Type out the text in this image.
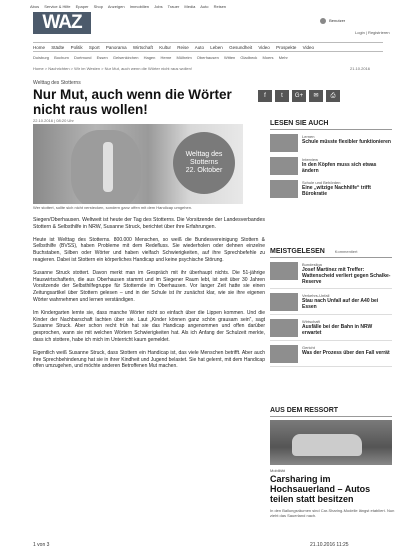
Abos Service & Hilfe Epaper Shop Anzeigen Immobilien Jobs Trauer Media Auto Reisen
WAZ	Benutzer
Login | Registrieren
Home Städte Politik Sport Panorama Wirtschaft Kultur Reise Auto Leben Gesundheit Video Prospekte Video
Duisburg Bochum Dortmund Essen Gelsenkirchen Hagen Herne Mülheim Oberhausen Witten Gladbeck Moers Mehr
Home > Nachrichten > Wir im Westen > Nur Mut, auch wenn die Wörter nicht raus wollen!	21.10.2016
Welttag des Stotterns
Nur Mut, auch wenn die Wörter nicht raus wollen!
22.10.2016 | 08:20 Uhr
f	t	G+	✉	⎙
Welttag des
Stotterns
22. Oktober
Wer stottert, sollte sich nicht verstecken, sondern ganz offen mit dem Handicap umgehen.

Siegen/Oberhausen. Weltweit ist heute der Tag des Stotterns. Die Vorsitzende der Landesverbandes Stottern & Selbsthilfe in NRW, Susanne Struck, berichtet über ihre Erfahrungen.

Heute ist Welttag des Stotterns. 800.000 Menschen, so weiß die Bundesvereinigung Stottern & Selbsthilfe (BVSS), haben Probleme mit dem Redefluss. Sie wiederholen oder dehnen einzelne Buchstaben, Silben oder Wörter und haben vielfach Schwierigkeiten, auf ihre Sprechbefehle zu reagieren. Dabei ist Stottern ein körperliches Handicap und keine psychische Störung.

Susanne Struck stottert. Davon merkt man im Gespräch mit ihr überhaupt nichts. Die 51-jährige Hauswirtschafterin, die aus Oberhausen stammt und im Siegener Raum lebt, ist seit über 30 Jahren Vorsitzende der Selbsthilfegruppe für Stotternde im Oberhausen. Vor langer Zeit hatte sie einen Zeitungsartikel über Stottern gelesen – und in der Schule ist ihr zunächst klar, wie sie ihre eigenen Wörter wahrnehmen und lernen verständigen.

Im Kindergarten lernte sie, dass manche Wörter nicht so einfach über die Lippen kommen. Und die Kinder der Nachbarschaft lachten über sie. Laut „Kinder können ganz schön grausam sein“, sagt Susanne Struck. Aber schon recht früh hat sie das Handicap angenommen und offen darüber gesprochen, wann sie mit welchen Wörtern Schwierigkeiten hat. Als ich Anfang der Schulzeit merkte, dass ich stottere, habe ich mich im Unterricht kaum gemeldet.

Eigentlich weiß Susanne Struck, dass Stottern ein Handicap ist, das viele Menschen betrifft. Aber auch ihre Sprechbehinderung hat sie in ihrer Kindheit und Jugend belastet. Sie hat gelernt, mit dem Handicap offen umzugehen, und möchte anderen Betroffenen Mut machen.

LESEN SIE AUCH
Lernen
Schule müsste flexibler funktionieren
Interview
In den Köpfen muss sich etwas ändern
Schule und Behörden
Eine „witzige Nachhilfe“ trifft Bürokratie
MEISTGELESEN Kommentiert
Bundesliga
Josef Martínez mit Treffer: Wattenscheid verliert gegen Schalke-Reserve
Verkehrs-Unfall
Stau nach Unfall auf der A40 bei Essen
Wirtschaft
Ausfälle bei der Bahn in NRW erwartet
Gericht
Was der Prozess über den Fall verrät
AUS DEM RESSORT
Mobilität
Carsharing im Hochsauerland – Autos teilen statt besitzen
In den Ballungsräumen sind Car-Sharing-Modelle längst etabliert. Nun zieht das Sauerland nach.
1 von 3	21.10.2016 11:25
